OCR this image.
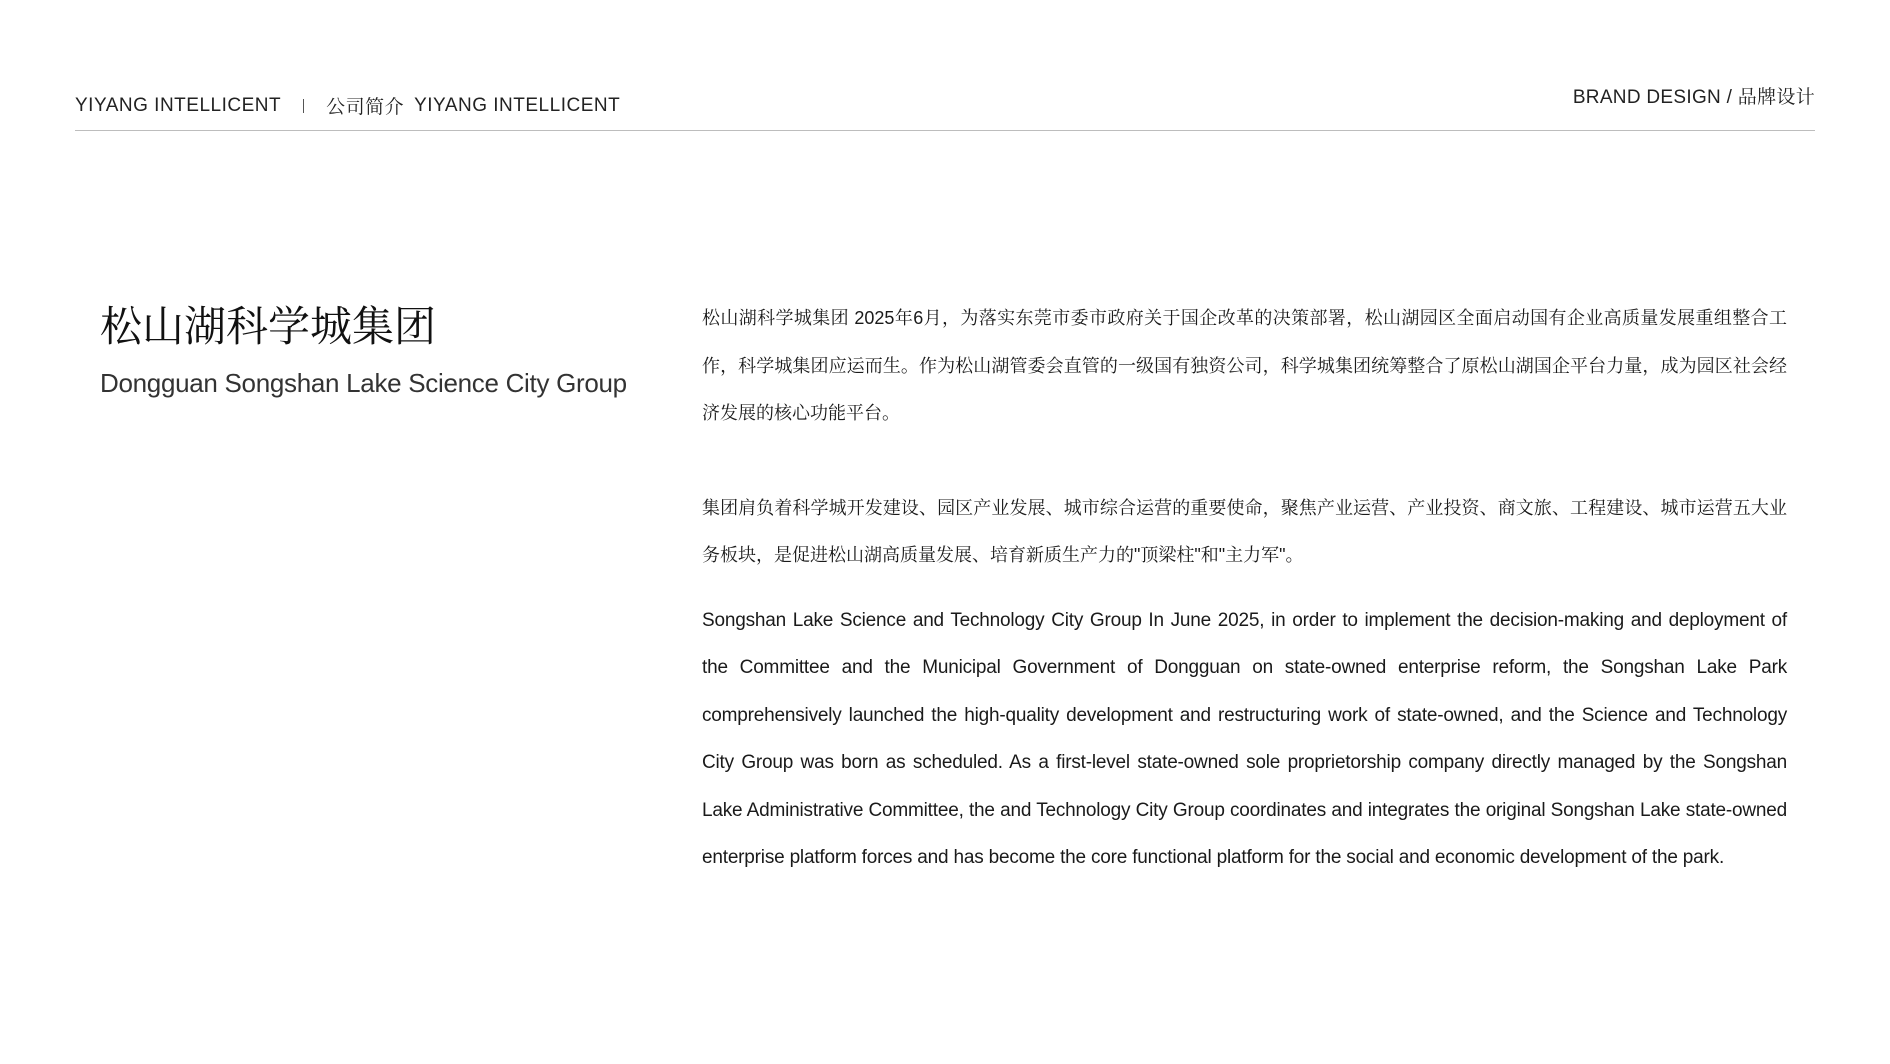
YIYANG INTELLICENT 公司简介 YIYANG INTELLICENT	BRAND DESIGN / 品牌设计
松山湖科学城集团
Dongguan Songshan Lake Science City Group

松山湖科学城集团 2025年6月，为落实东莞市委市政府关于国企改革的决策部署，松山湖园区全面启动国有企业高质量发展重组整合工作，科学城集团应运而生。作为松山湖管委会直管的一级国有独资公司，科学城集团统筹整合了原松山湖国企平台力量，成为园区社会经济发展的核心功能平台。

集团肩负着科学城开发建设、园区产业发展、城市综合运营的重要使命，聚焦产业运营、产业投资、商文旅、工程建设、城市运营五大业务板块，是促进松山湖高质量发展、培育新质生产力的"顶梁柱"和"主力军"。

Songshan Lake Science and Technology City Group In June 2025, in order to implement the decision-making and deployment of the Committee and the Municipal Government of Dongguan on state-owned enterprise reform, the Songshan Lake Park comprehensively launched the high-quality development and restructuring work of state-owned, and the Science and Technology City Group was born as scheduled. As a first-level state-owned sole proprietorship company directly managed by the Songshan Lake Administrative Committee, the and Technology City Group coordinates and integrates the original Songshan Lake state-owned enterprise platform forces and has become the core functional platform for the social and economic development of the park.
